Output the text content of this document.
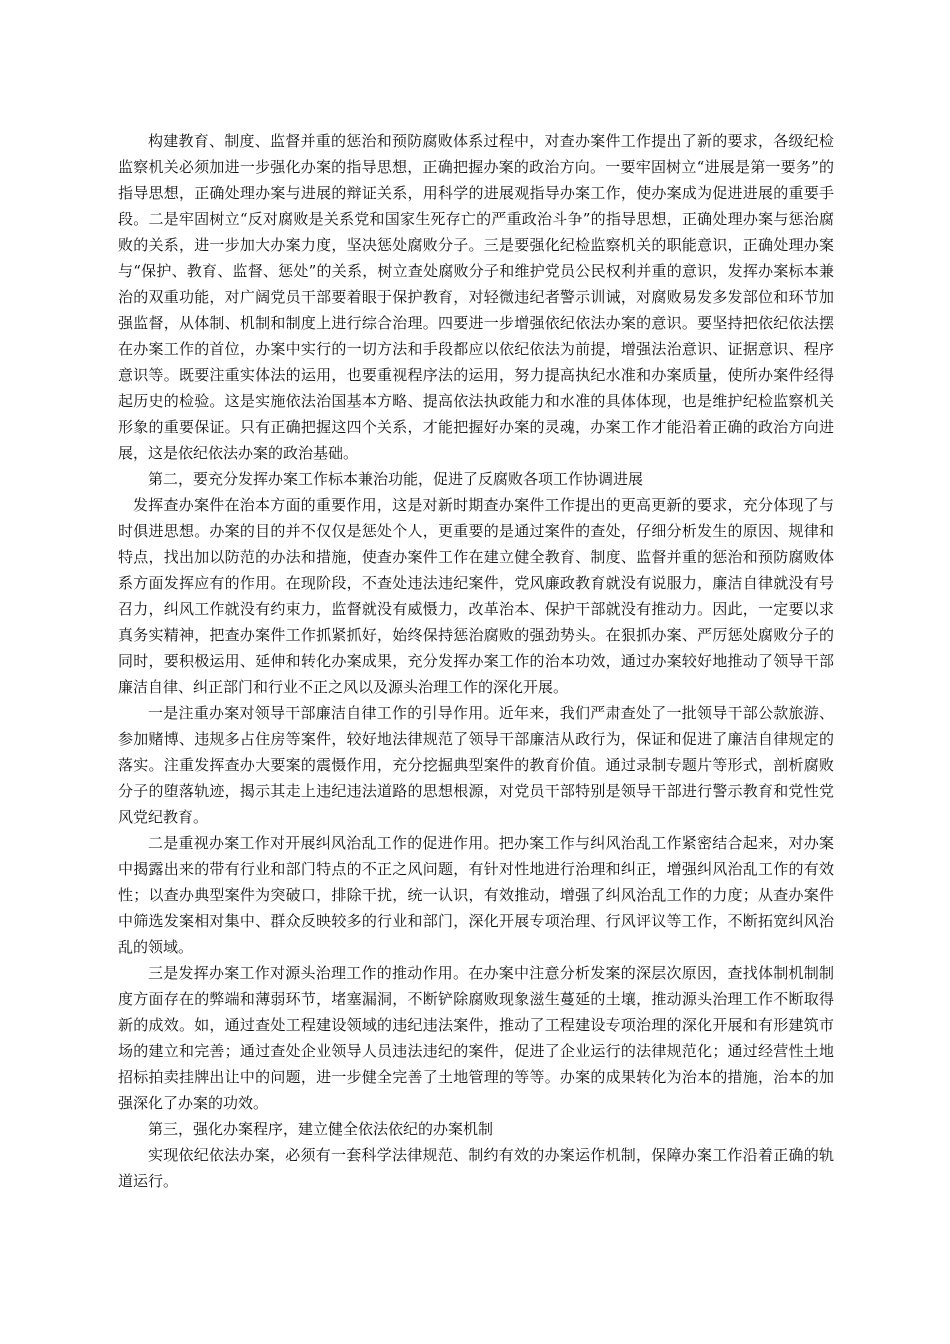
构建教育、制度、监督并重的惩治和预防腐败体系过程中，对查办案件工作提出了新的要求，各级纪检监察机关必须加进一步强化办案的指导思想，正确把握办案的政治方向。一要牢固树立“进展是第一要务”的指导思想，正确处理办案与进展的辩证关系，用科学的进展观指导办案工作，使办案成为促进进展的重要手段。二是牢固树立“反对腐败是关系党和国家生死存亡的严重政治斗争”的指导思想，正确处理办案与惩治腐败的关系，进一步加大办案力度，坚决惩处腐败分子。三是要强化纪检监察机关的职能意识，正确处理办案与“保护、教育、监督、惩处”的关系，树立查处腐败分子和维护党员公民权利并重的意识，发挥办案标本兼治的双重功能，对广阔党员干部要着眼于保护教育，对轻微违纪者警示训诫，对腐败易发多发部位和环节加强监督，从体制、机制和制度上进行综合治理。四要进一步增强依纪依法办案的意识。要坚持把依纪依法摆在办案工作的首位，办案中实行的一切方法和手段都应以依纪依法为前提，增强法治意识、证据意识、程序意识等。既要注重实体法的运用，也要重视程序法的运用，努力提高执纪水准和办案质量，使所办案件经得起历史的检验。这是实施依法治国基本方略、提高依法执政能力和水准的具体体现，也是维护纪检监察机关形象的重要保证。只有正确把握这四个关系，才能把握好办案的灵魂，办案工作才能沿着正确的政治方向进展，这是依纪依法办案的政治基础。

第二，要充分发挥办案工作标本兼治功能，促进了反腐败各项工作协调进展

发挥查办案件在治本方面的重要作用，这是对新时期查办案件工作提出的更高更新的要求，充分体现了与时俱进思想。办案的目的并不仅仅是惩处个人，更重要的是通过案件的查处，仔细分析发生的原因、规律和特点，找出加以防范的办法和措施，使查办案件工作在建立健全教育、制度、监督并重的惩治和预防腐败体系方面发挥应有的作用。在现阶段，不查处违法违纪案件，党风廉政教育就没有说服力，廉洁自律就没有号召力，纠风工作就没有约束力，监督就没有威慑力，改革治本、保护干部就没有推动力。因此，一定要以求真务实精神，把查办案件工作抓紧抓好，始终保持惩治腐败的强劲势头。在狠抓办案、严厉惩处腐败分子的同时，要积极运用、延伸和转化办案成果，充分发挥办案工作的治本功效，通过办案较好地推动了领导干部廉洁自律、纠正部门和行业不正之风以及源头治理工作的深化开展。

一是注重办案对领导干部廉洁自律工作的引导作用。近年来，我们严肃查处了一批领导干部公款旅游、参加赌博、违规多占住房等案件，较好地法律规范了领导干部廉洁从政行为，保证和促进了廉洁自律规定的落实。注重发挥查办大要案的震慑作用，充分挖掘典型案件的教育价值。通过录制专题片等形式，剖析腐败分子的堕落轨迹，揭示其走上违纪违法道路的思想根源，对党员干部特别是领导干部进行警示教育和党性党风党纪教育。

二是重视办案工作对开展纠风治乱工作的促进作用。把办案工作与纠风治乱工作紧密结合起来，对办案中揭露出来的带有行业和部门特点的不正之风问题，有针对性地进行治理和纠正，增强纠风治乱工作的有效性；以查办典型案件为突破口，排除干扰，统一认识，有效推动，增强了纠风治乱工作的力度；从查办案件中筛选发案相对集中、群众反映较多的行业和部门，深化开展专项治理、行风评议等工作，不断拓宽纠风治乱的领域。

三是发挥办案工作对源头治理工作的推动作用。在办案中注意分析发案的深层次原因，查找体制机制制度方面存在的弊端和薄弱环节，堵塞漏洞，不断铲除腐败现象滋生蔓延的土壤，推动源头治理工作不断取得新的成效。如，通过查处工程建设领域的违纪违法案件，推动了工程建设专项治理的深化开展和有形建筑市场的建立和完善；通过查处企业领导人员违法违纪的案件，促进了企业运行的法律规范化；通过经营性土地招标拍卖挂牌出让中的问题，进一步健全完善了土地管理的等等。办案的成果转化为治本的措施，治本的加强深化了办案的功效。

第三，强化办案程序，建立健全依法依纪的办案机制

实现依纪依法办案，必须有一套科学法律规范、制约有效的办案运作机制，保障办案工作沿着正确的轨道运行。
